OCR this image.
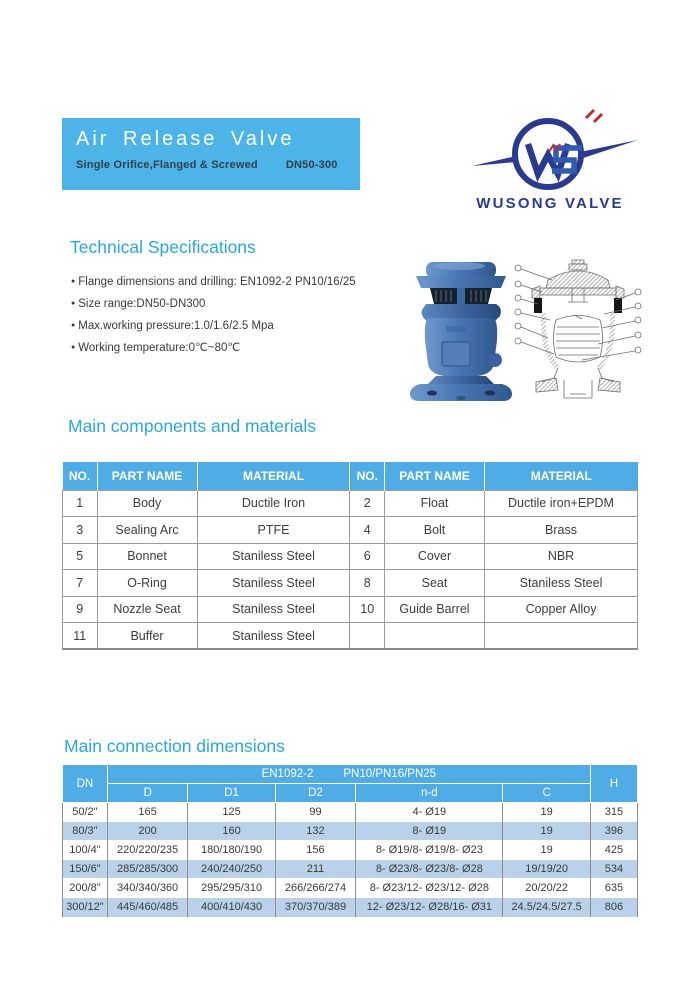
Air Release Valve
Single Orifice,Flanged & Screwed	DN50-300
WUSONG VALVE
Technical Specifications
● Flange dimensions and drilling: EN1092-2 PN10/16/25
● Size range:DN50-DN300
● Max.working pressure:1.0/1.6/2.5 Mpa
● Working temperature:0℃~80℃
Main components and materials
NO.	PART NAME	MATERIAL	NO.	PART NAME	MATERIAL
1	Body	Ductile Iron	2	Float	Ductile iron+EPDM
3	Sealing Arc	PTFE	4	Bolt	Brass
5	Bonnet	Staniless Steel	6	Cover	NBR
7	O-Ring	Staniless Steel	8	Seat	Staniless Steel
9	Nozzle Seat	Staniless Steel	10	Guide Barrel	Copper Alloy
11	Buffer	Staniless Steel			
Main connection dimensions
DN	EN1092-2 PN10/PN16/PN25					H
	D	D1	D2	n-d	C	
50/2"	165	125	99	4- Ø19	19	315
80/3"	200	160	132	8- Ø19	19	396
100/4"	220/220/235	180/180/190	156	8- Ø19/8- Ø19/8- Ø23	19	425
150/6"	285/285/300	240/240/250	211	8- Ø23/8- Ø23/8- Ø28	19/19/20	534
200/8"	340/340/360	295/295/310	266/266/274	8- Ø23/12- Ø23/12- Ø28	20/20/22	635
300/12"	445/460/485	400/410/430	370/370/389	12- Ø23/12- Ø28/16- Ø31	24.5/24.5/27.5	806
